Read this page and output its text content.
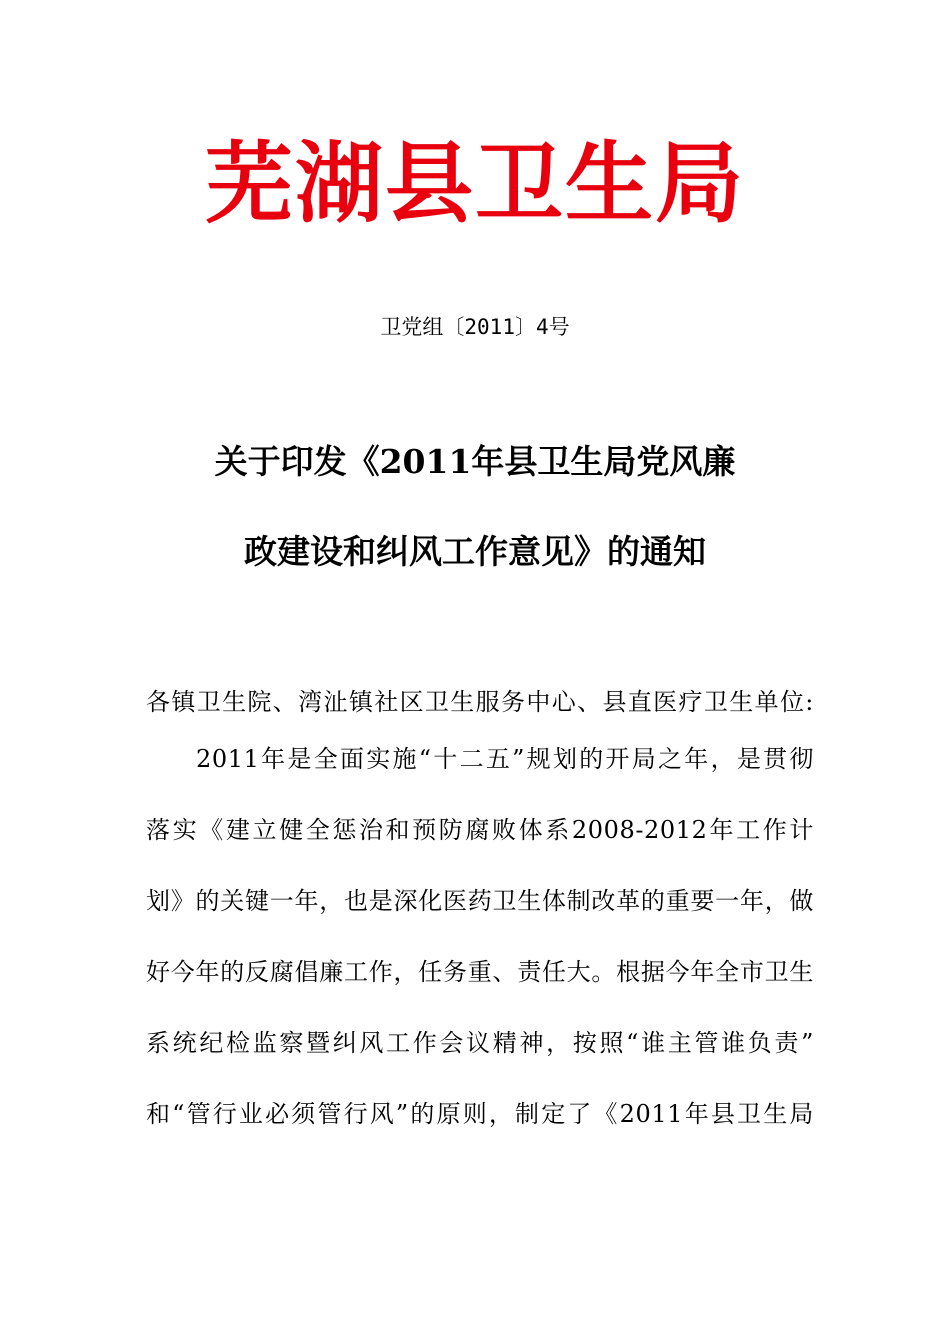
芜湖县卫生局
卫党组〔2011〕4号
关于印发《2011年县卫生局党风廉
政建设和纠风工作意见》的通知
各镇卫生院、湾沚镇社区卫生服务中心、县直医疗卫生单位:
2011年是全面实施“十二五”规划的开局之年，是贯彻
落实《建立健全惩治和预防腐败体系2008-2012年工作计
划》的关键一年，也是深化医药卫生体制改革的重要一年，做
好今年的反腐倡廉工作，任务重、责任大。根据今年全市卫生
系统纪检监察暨纠风工作会议精神，按照“谁主管谁负责”
和“管行业必须管行风”的原则，制定了《2011年县卫生局
